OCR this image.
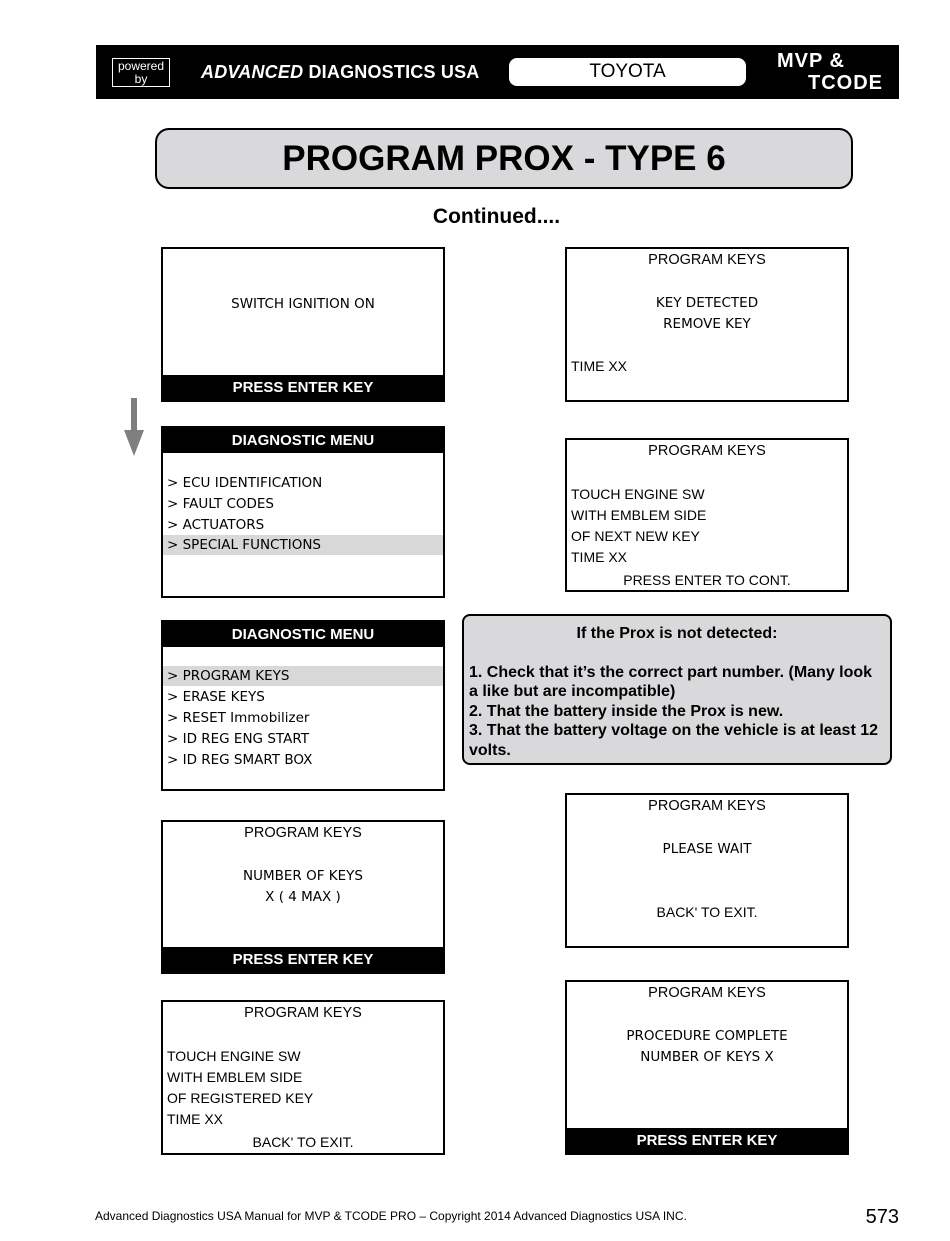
powered
by	ADVANCED DIAGNOSTICS USA	TOYOTA	MVP &
TCODE
PROGRAM PROX - TYPE 6
Continued....
SWITCH IGNITION ON
PRESS ENTER KEY
DIAGNOSTIC MENU
> ECU IDENTIFICATION
> FAULT CODES
> ACTUATORS
> SPECIAL FUNCTIONS
DIAGNOSTIC MENU
> PROGRAM KEYS
> ERASE KEYS
> RESET Immobilizer
> ID REG ENG START
> ID REG SMART BOX
PROGRAM KEYS
NUMBER OF KEYS
X ( 4 MAX )
PRESS ENTER KEY
PROGRAM KEYS
TOUCH ENGINE SW
WITH EMBLEM SIDE
OF REGISTERED KEY
TIME XX
BACK' TO EXIT.
PROGRAM KEYS
KEY DETECTED
REMOVE KEY
TIME XX
PROGRAM KEYS
TOUCH ENGINE SW
WITH EMBLEM SIDE
OF NEXT NEW KEY
TIME XX
PRESS ENTER TO CONT.
If the Prox is not detected:
1. Check that it’s the correct part number. (Many look a like but are incompatible)
2. That the battery inside the Prox is new.
3. That the battery voltage on the vehicle is at least 12 volts.
PROGRAM KEYS
PLEASE WAIT
BACK' TO EXIT.
PROGRAM KEYS
PROCEDURE COMPLETE
NUMBER OF KEYS X
PRESS ENTER KEY
Advanced Diagnostics USA Manual for MVP & TCODE PRO – Copyright 2014 Advanced Diagnostics USA INC.	573
